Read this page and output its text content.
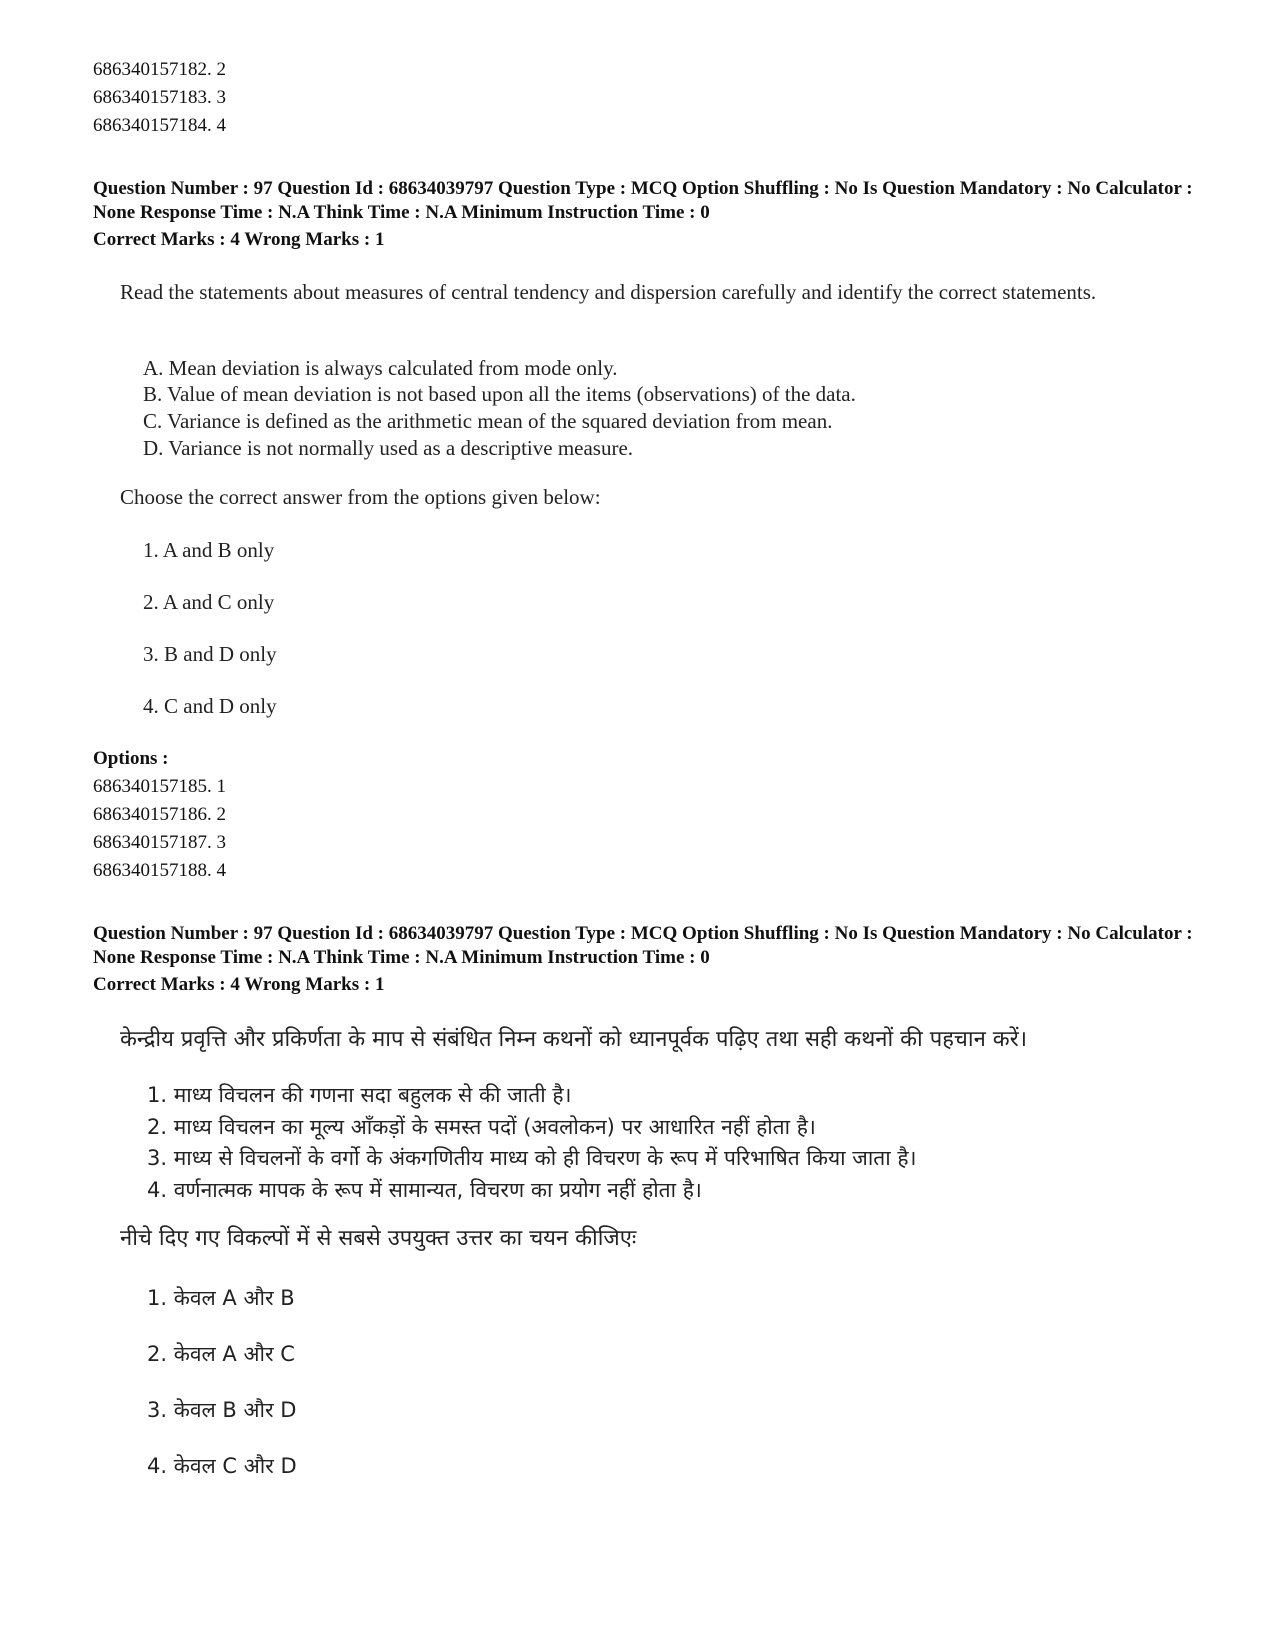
686340157182. 2
686340157183. 3
686340157184. 4
Question Number : 97 Question Id : 68634039797 Question Type : MCQ Option Shuffling : No Is Question Mandatory : No Calculator : None Response Time : N.A Think Time : N.A Minimum Instruction Time : 0
Correct Marks : 4 Wrong Marks : 1
Read the statements about measures of central tendency and dispersion carefully and identify the correct statements.
A. Mean deviation is always calculated from mode only.
B. Value of mean deviation is not based upon all the items (observations) of the data.
C. Variance is defined as the arithmetic mean of the squared deviation from mean.
D. Variance is not normally used as a descriptive measure.
Choose the correct answer from the options given below:
1. A and B only
2. A and C only
3. B and D only
4. C and D only
Options :
686340157185. 1
686340157186. 2
686340157187. 3
686340157188. 4
Question Number : 97 Question Id : 68634039797 Question Type : MCQ Option Shuffling : No Is Question Mandatory : No Calculator : None Response Time : N.A Think Time : N.A Minimum Instruction Time : 0
Correct Marks : 4 Wrong Marks : 1
केन्द्रीय प्रवृत्ति और प्रकिर्णता के माप से संबंधित निम्न कथनों को ध्यानपूर्वक पढ़िए तथा सही कथनों की पहचान करें।
1. माध्य विचलन की गणना सदा बहुलक से की जाती है।
2. माध्य विचलन का मूल्य आँकड़ों के समस्त पदों (अवलोकन) पर आधारित नहीं होता है।
3. माध्य से विचलनों के वर्गो के अंकगणितीय माध्य को ही विचरण के रूप में परिभाषित किया जाता है।
4. वर्णनात्मक मापक के रूप में सामान्यत, विचरण का प्रयोग नहीं होता है।
नीचे दिए गए विकल्पों में से सबसे उपयुक्त उत्तर का चयन कीजिएः
1. केवल A और B
2. केवल A और C
3. केवल B और D
4. केवल C और D
